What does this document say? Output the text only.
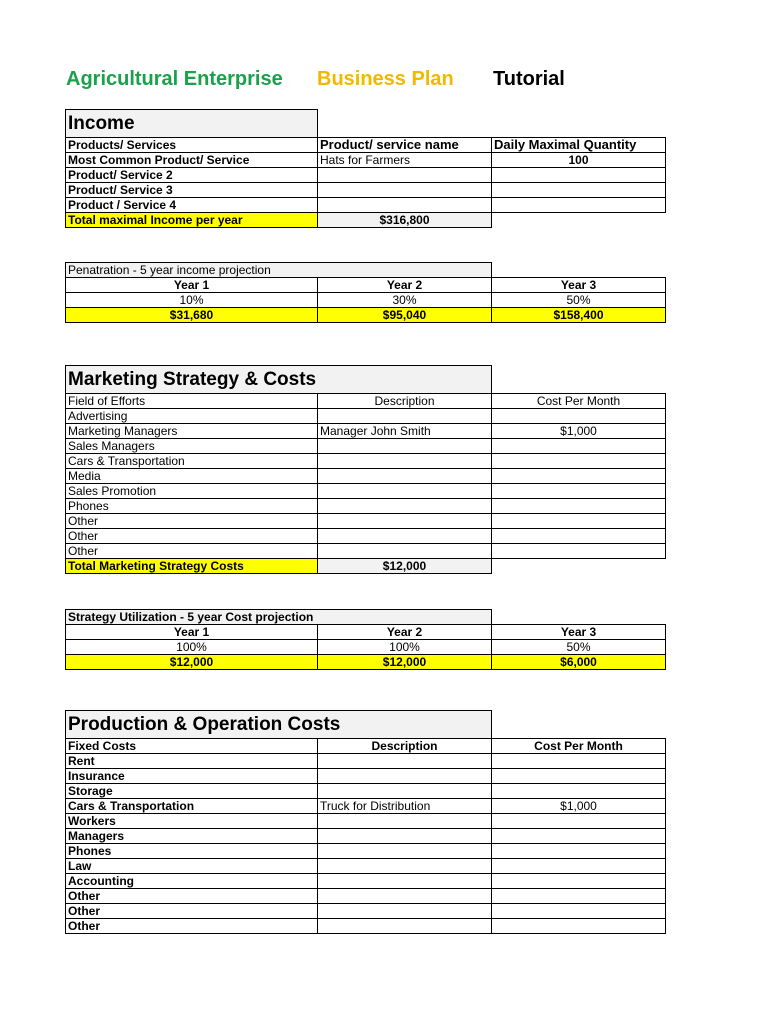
Agricultural Enterprise Business Plan Tutorial
Income		
Products/ Services	Product/ service name	Daily Maximal Quantity
Most Common Product/ Service	Hats for Farmers	100
Product/ Service 2		
Product/ Service 3		
Product / Service 4		
Total maximal Income per year	$316,800	
Penatration - 5 year income projection		
Year 1	Year 2	Year 3
10%	30%	50%
$31,680	$95,040	$158,400
Marketing Strategy & Costs		
Field of Efforts	Description	Cost Per Month
Advertising		
Marketing Managers	Manager John Smith	$1,000
Sales Managers		
Cars & Transportation		
Media		
Sales Promotion		
Phones		
Other		
Other		
Other		
Total Marketing Strategy Costs	$12,000	
Strategy Utilization - 5 year Cost projection		
Year 1	Year 2	Year 3
100%	100%	50%
$12,000	$12,000	$6,000
Production & Operation Costs		
Fixed Costs	Description	Cost Per Month
Rent		
Insurance		
Storage		
Cars & Transportation	Truck for Distribution	$1,000
Workers		
Managers		
Phones		
Law		
Accounting		
Other		
Other		
Other		
